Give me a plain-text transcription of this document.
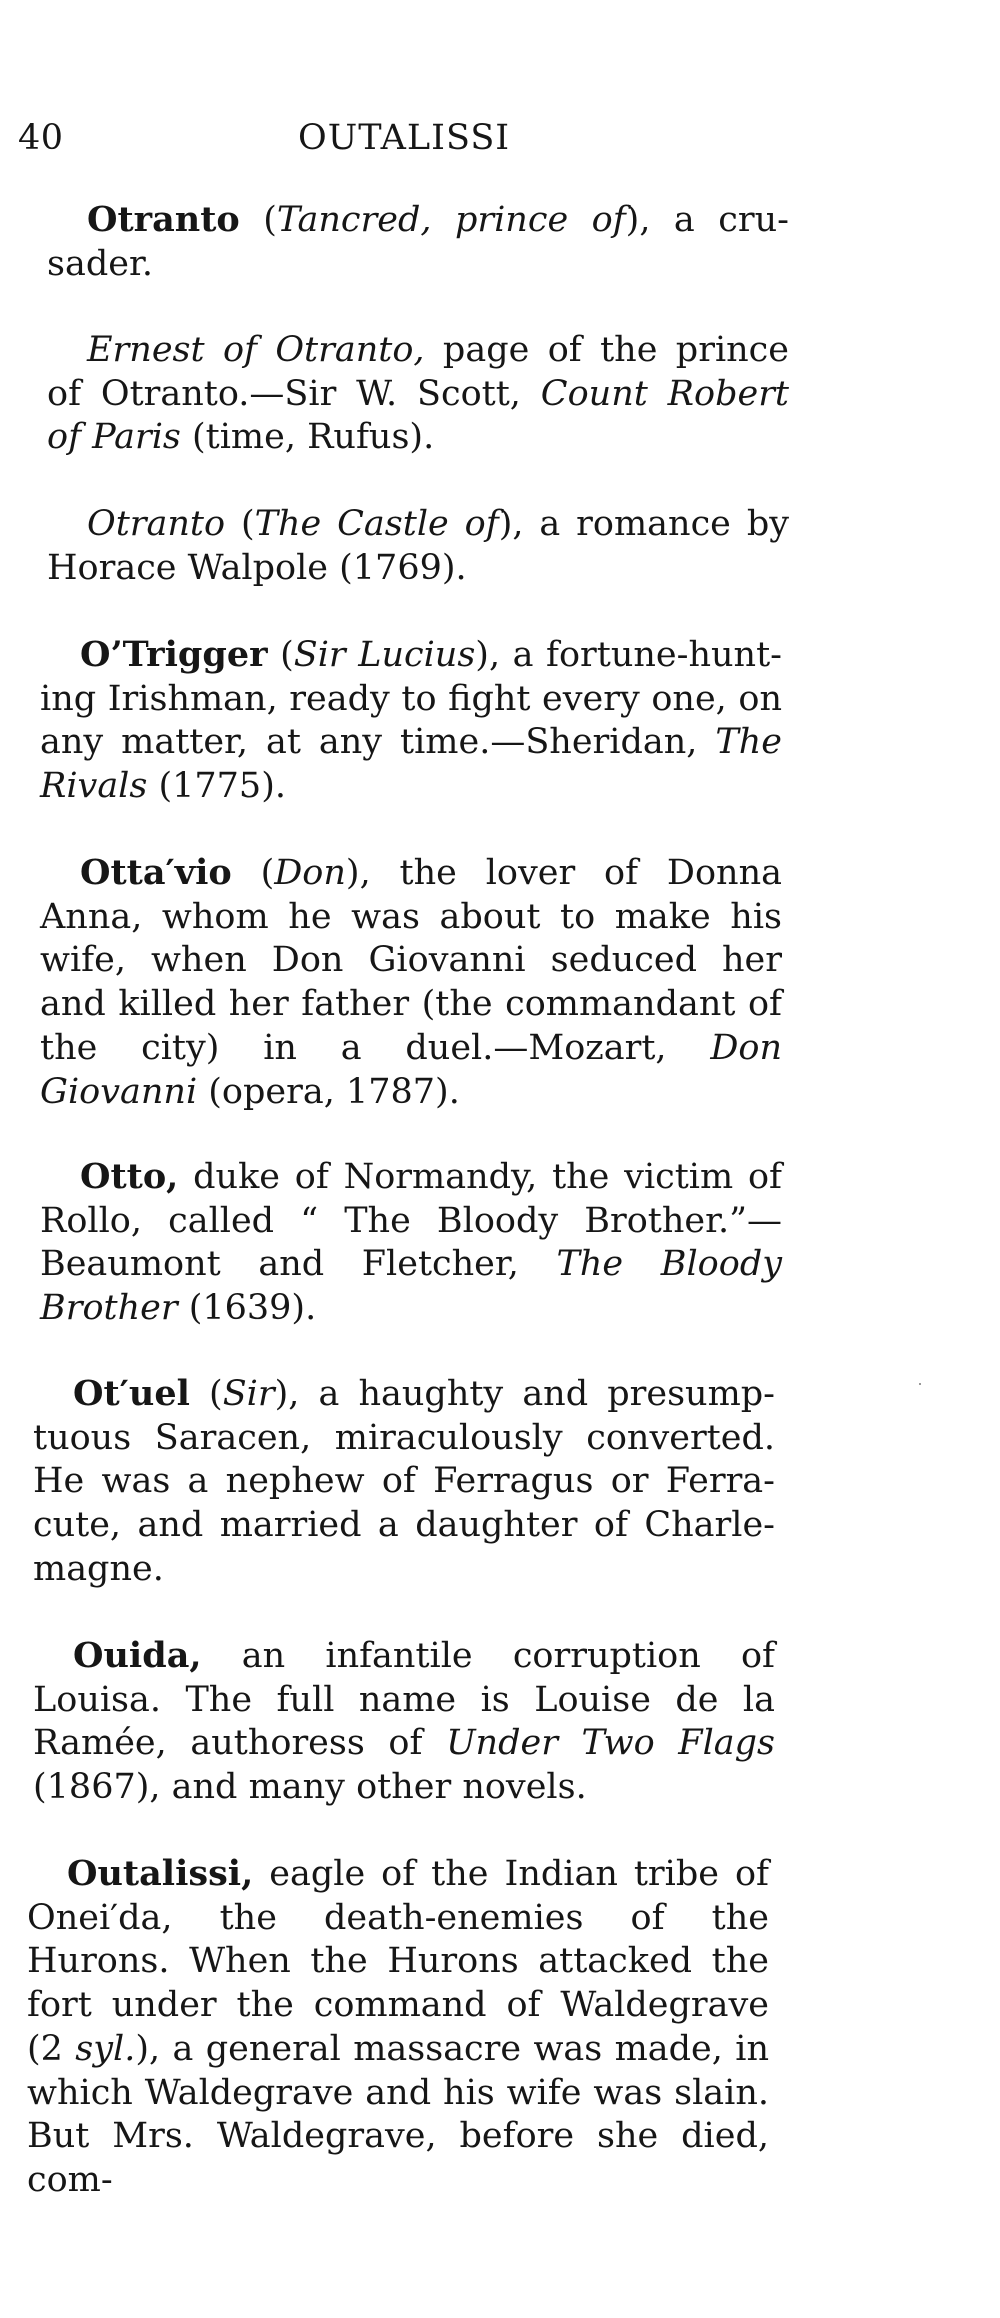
40	OUTALISSI

Otranto (Tancred, prince of), a cru-sader.

Ernest of Otranto, page of the prince of Otranto.—Sir W. Scott, Count Robert of Paris (time, Rufus).

Otranto (The Castle of), a romance by Horace Walpole (1769).

O’Trigger (Sir Lucius), a fortune-hunt-ing Irishman, ready to fight every one, on any matter, at any time.—Sheridan, The Rivals (1775).

Otta′vio (Don), the lover of Donna Anna, whom he was about to make his wife, when Don Giovanni seduced her and killed her father (the commandant of the city) in a duel.—Mozart, Don Giovanni (opera, 1787).

Otto, duke of Normandy, the victim of Rollo, called “ The Bloody Brother.”— Beaumont and Fletcher, The Bloody Brother (1639).

Ot′uel (Sir), a haughty and presump-tuous Saracen, miraculously converted. He was a nephew of Ferragus or Ferra-cute, and married a daughter of Charle-magne.

Ouida, an infantile corruption of Louisa. The full name is Louise de la Ramée, authoress of Under Two Flags (1867), and many other novels.

Outalissi, eagle of the Indian tribe of Onei′da, the death-enemies of the Hurons. When the Hurons attacked the fort under the command of Waldegrave (2 syl.), a general massacre was made, in which Waldegrave and his wife was slain. But Mrs. Waldegrave, before she died, com-
